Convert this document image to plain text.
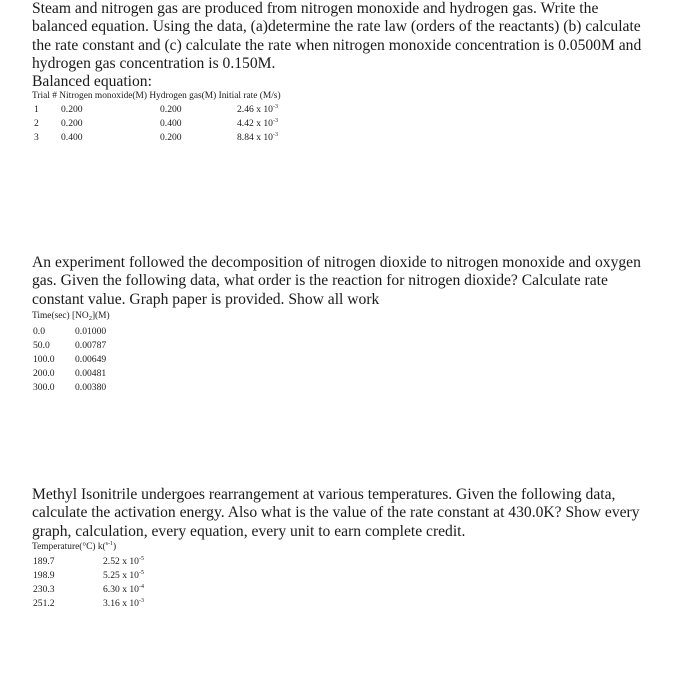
Steam and nitrogen gas are produced from nitrogen monoxide and hydrogen gas. Write the
balanced equation. Using the data, (a)determine the rate law (orders of the reactants) (b) calculate
the rate constant and (c) calculate the rate when nitrogen monoxide concentration is 0.0500M and
hydrogen gas concentration is 0.150M.
Balanced equation:
Trial # Nitrogen monoxide(M) Hydrogen gas(M) Initial rate (M/s)
1 0.200	0.200	2.46 x $10^{-3}$
2 0.200	0.400	4.42 x $10^{-3}$
3 0.400	0.200	8.84 x $10^{-3}$
An experiment followed the decomposition of nitrogen dioxide to nitrogen monoxide and oxygen
gas. Given the following data, what order is the reaction for nitrogen dioxide? Calculate rate
constant value. Graph paper is provided. Show all work
Time(sec) $[NO_2](M)$
0.0	0.01000
50.0	0.00787
100.0 0.00649
200.0 0.00481
300.0 0.00380
Methyl Isonitrile undergoes rearrangement at various temperatures. Given the following data,
calculate the activation energy. Also what is the value of the rate constant at 430.0K? Show every
graph, calculation, every equation, every unit to earn complete credit.
Temperature(°C) k($^{s-1}$)
189.7	2.52 x $10^{-5}$
198.9	5.25 x $10^{-5}$
230.3	6.30 x $10^{-4}$
251.2	3.16 x $10^{-3}$
